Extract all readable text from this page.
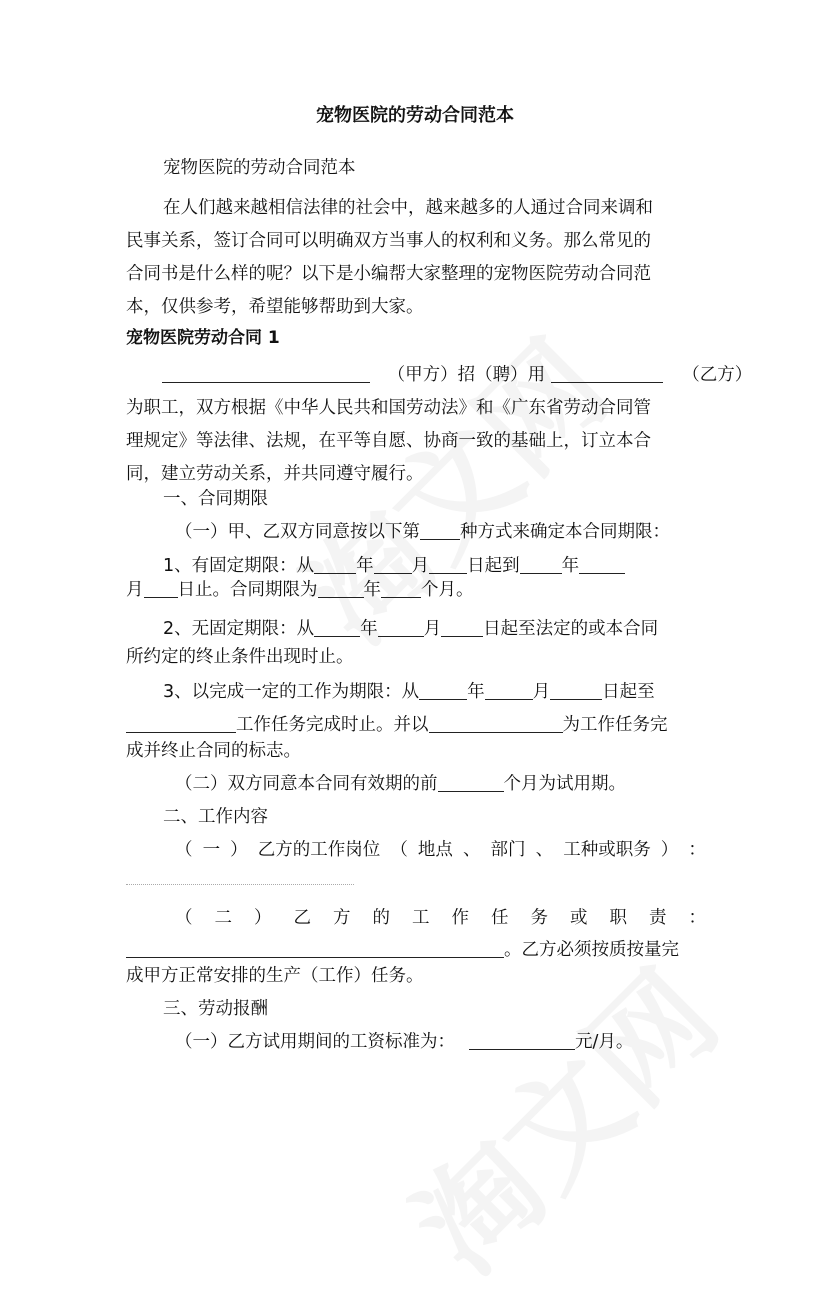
宠物医院的劳动合同范本
宠物医院的劳动合同范本
在人们越来越相信法律的社会中，越来越多的人通过合同来调和
民事关系，签订合同可以明确双方当事人的权利和义务。那么常见的
合同书是什么样的呢？以下是小编帮大家整理的宠物医院劳动合同范
本，仅供参考，希望能够帮助到大家。
宠物医院劳动合同 1
（甲方）招（聘）用	（乙方）
为职工，双方根据《中华人民共和国劳动法》和《广东省劳动合同管
理规定》等法律、法规，在平等自愿、协商一致的基础上，订立本合
同，建立劳动关系，并共同遵守履行。
一、合同期限
（一）甲、乙双方同意按以下第 种方式来确定本合同期限：
1、有固定期限：从 年 月 日起到 年
月 日止。合同期限为	年 个月。
2、无固定期限：从	年	月 日起至法定的或本合同
所约定的终止条件出现时止。
3、以完成一定的工作为期限：从	年	月	日起至
工作任务完成时止。并以	为工作任务完
成并终止合同的标志。
（二）双方同意本合同有效期的前	个月为试用期。
二、工作内容
（ 一 ） 乙方的工作岗位 （ 地点 、 部门 、 工种或职务 ） ：
（ 二 ） 乙 方 的 工 作 任 务 或 职 责 ：
。乙方必须按质按量完
成甲方正常安排的生产（工作）任务。
三、劳动报酬
（一）乙方试用期间的工资标准为：	元/月。
